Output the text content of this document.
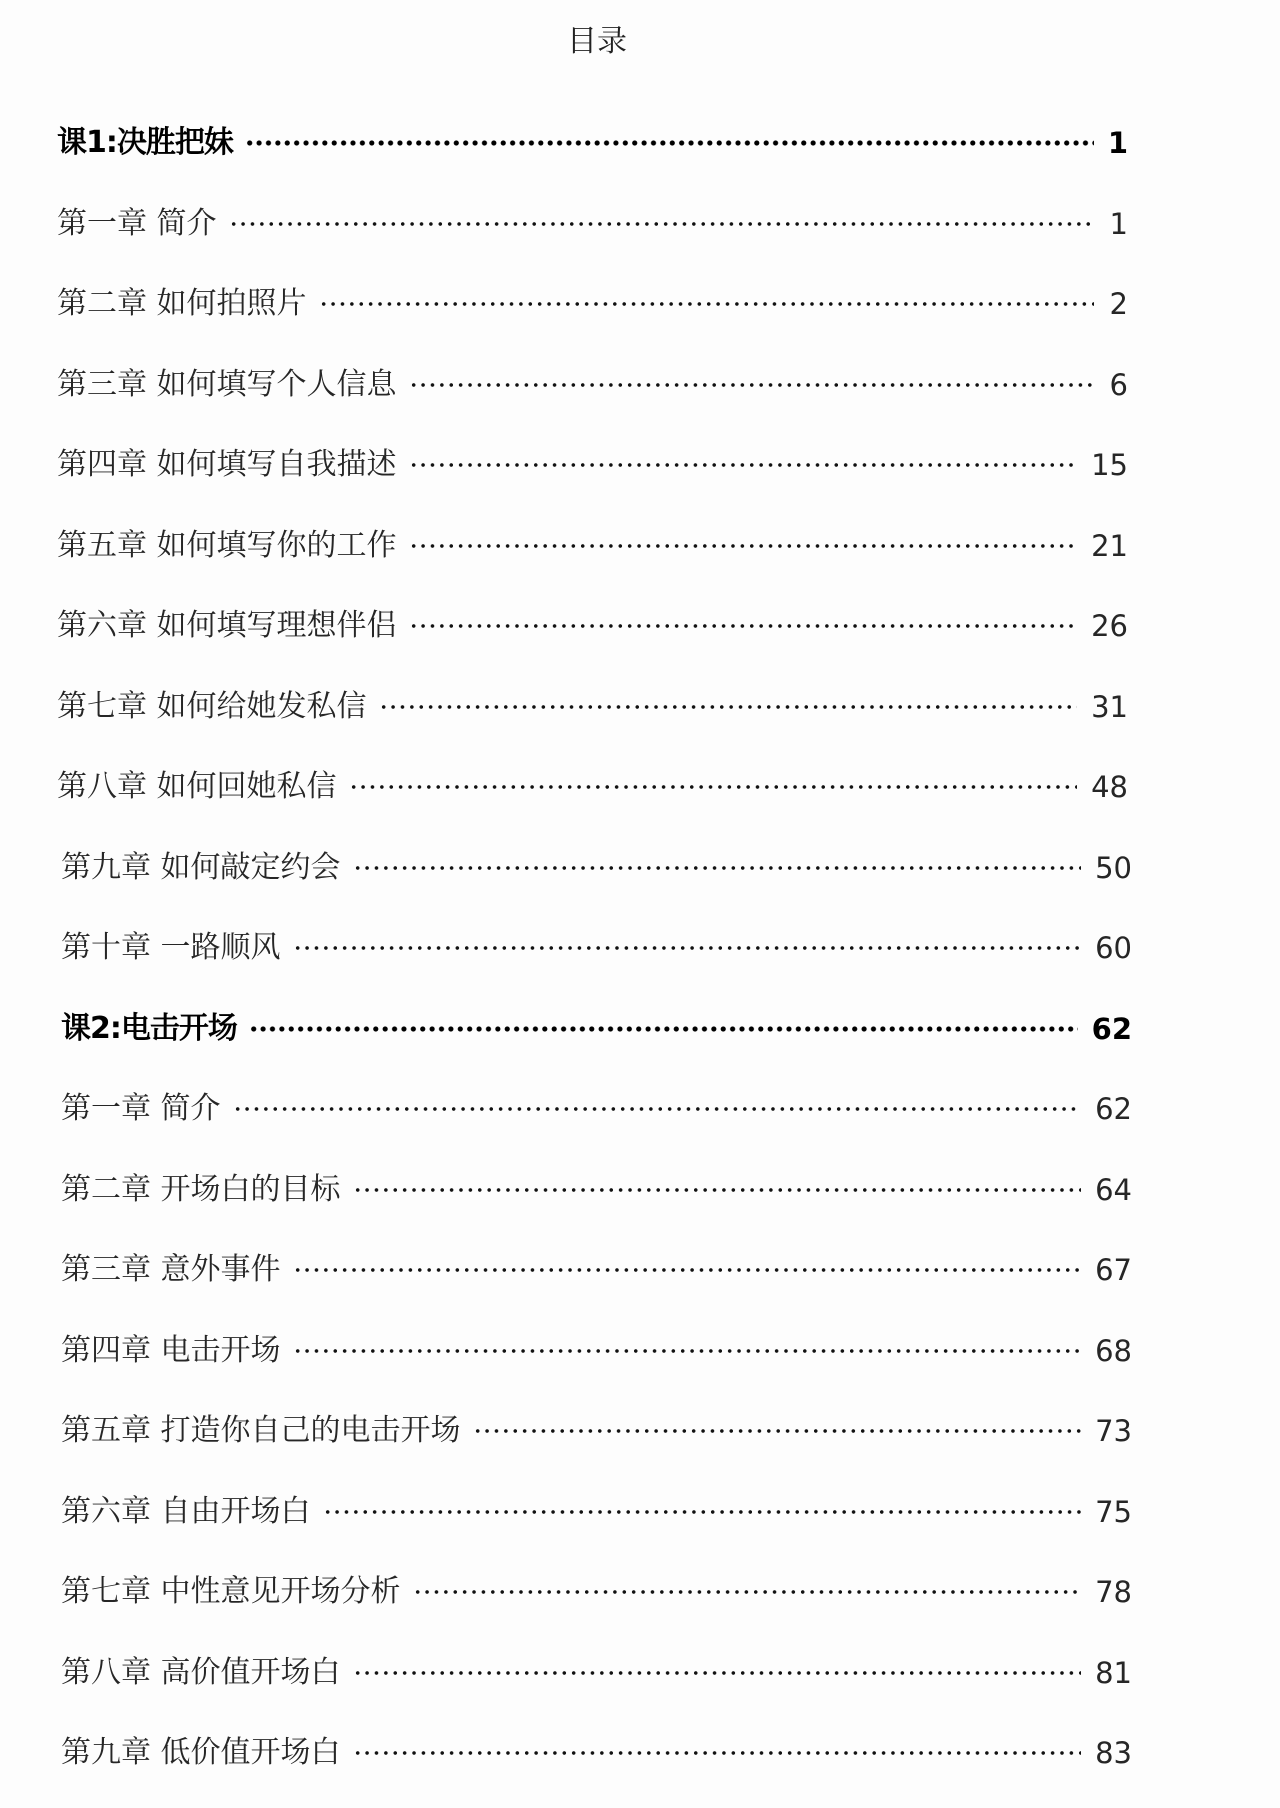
目录
课1:决胜把妹	1
第一章 简介	1
第二章 如何拍照片	2
第三章 如何填写个人信息	6
第四章 如何填写自我描述	15
第五章 如何填写你的工作	21
第六章 如何填写理想伴侣	26
第七章 如何给她发私信	31
第八章 如何回她私信	48
第九章 如何敲定约会	50
第十章 一路顺风	60
课2:电击开场	62
第一章 简介	62
第二章 开场白的目标	64
第三章 意外事件	67
第四章 电击开场	68
第五章 打造你自己的电击开场	73
第六章 自由开场白	75
第七章 中性意见开场分析	78
第八章 高价值开场白	81
第九章 低价值开场白	83
